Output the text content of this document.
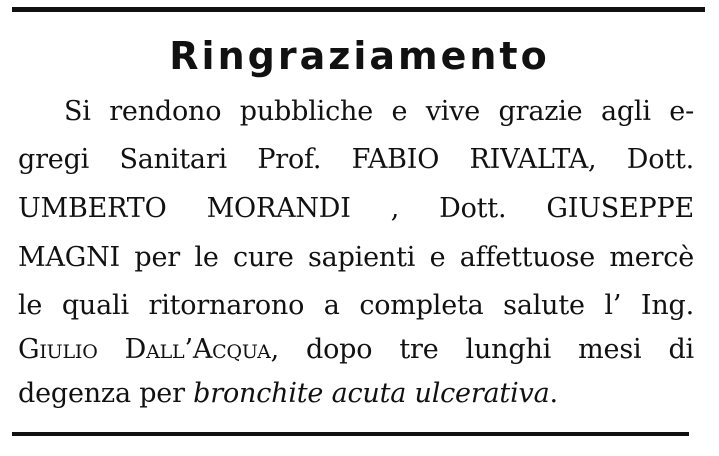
Ringraziamento
Si rendono pubbliche e vive grazie agli e-
gregi Sanitari Prof. FABIO RIVALTA, Dott.
UMBERTO MORANDI , Dott. GIUSEPPE
MAGNI per le cure sapienti e affettuose mercè
le quali ritornarono a completa salute l’ Ing.
Giulio Dall’Acqua, dopo tre lunghi mesi di
degenza per bronchite acuta ulcerativa.
